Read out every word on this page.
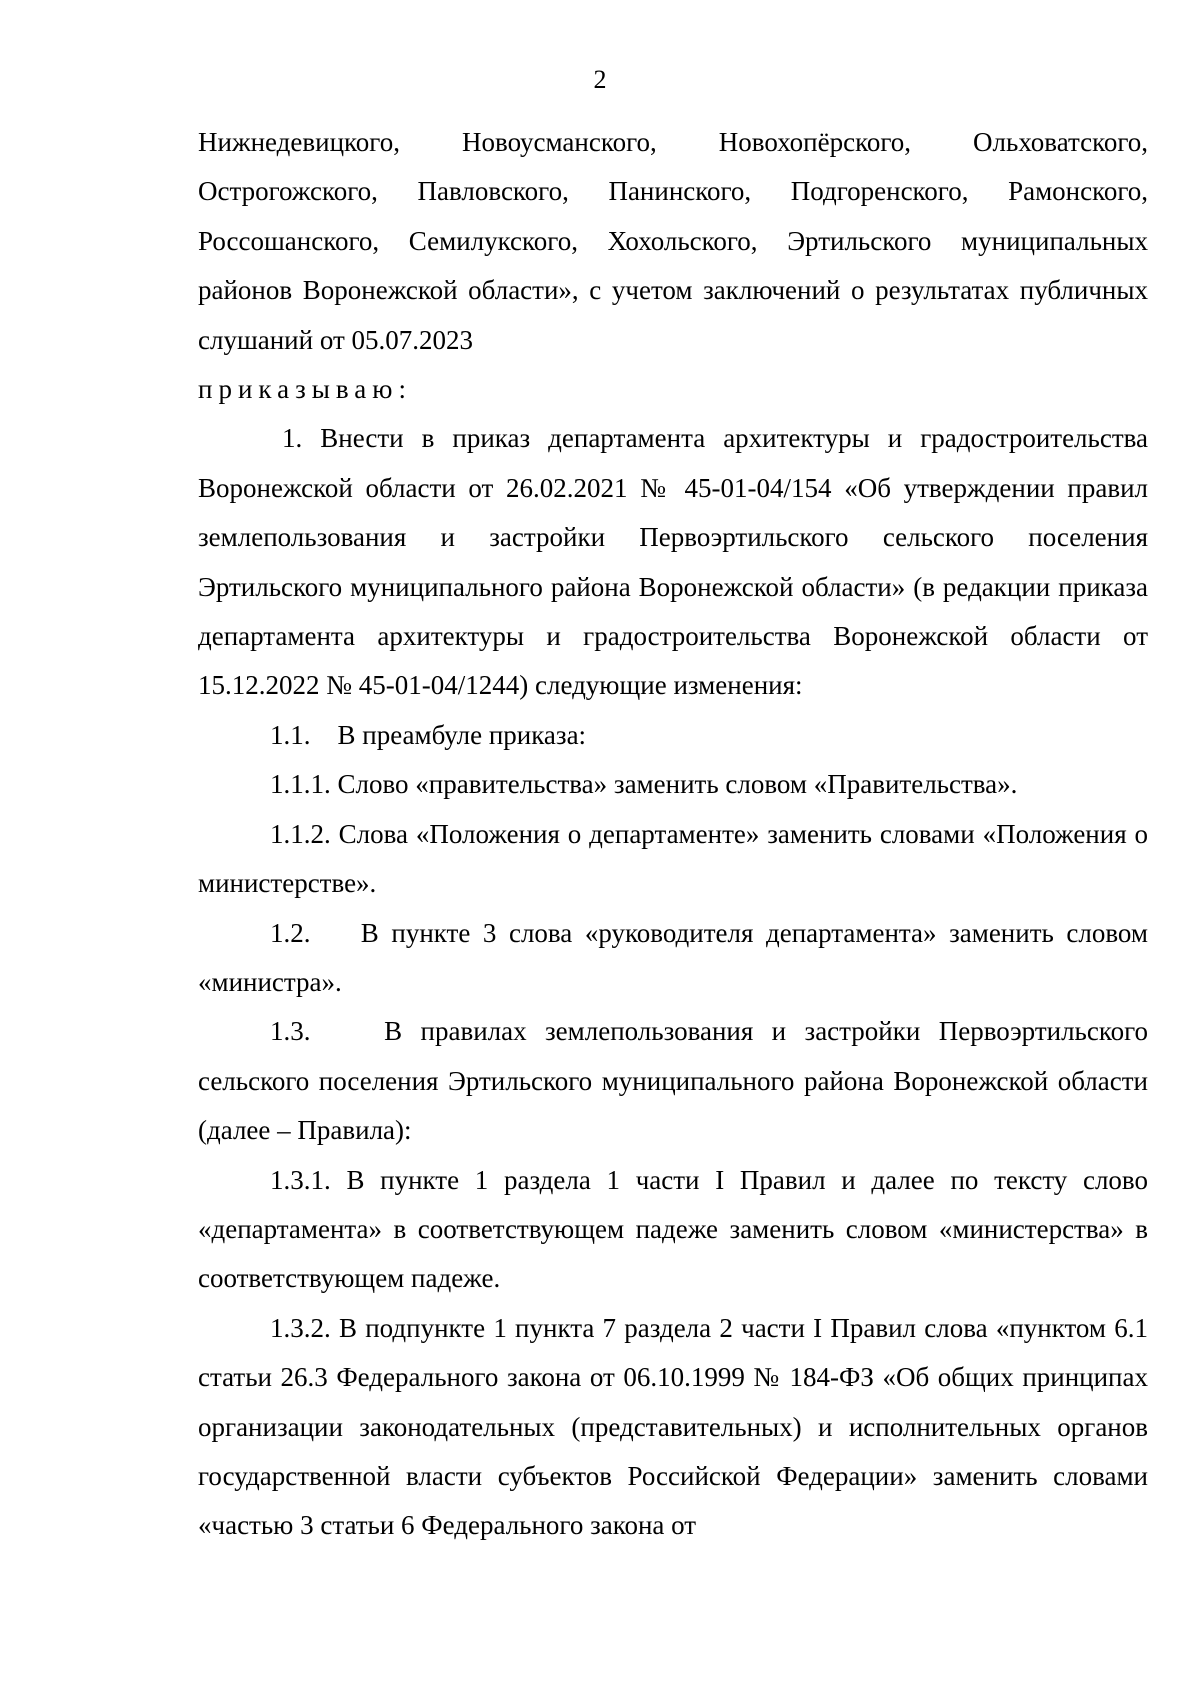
2

Нижнедевицкого, Новоусманского, Новохопёрского, Ольховатского, Острогожского, Павловского, Панинского, Подгоренского, Рамонского, Россошанского, Семилукского, Хохольского, Эртильского муниципальных районов Воронежской области», с учетом заключений о результатах публичных слушаний от 05.07.2023

приказываю:

1. Внести в приказ департамента архитектуры и градостроительства Воронежской области от 26.02.2021 № 45-01-04/154 «Об утверждении правил землепользования и застройки Первоэртильского сельского поселения Эртильского муниципального района Воронежской области» (в редакции приказа департамента архитектуры и градостроительства Воронежской области от 15.12.2022 № 45-01-04/1244) следующие изменения:

1.1.    В преамбуле приказа:

1.1.1. Слово «правительства» заменить словом «Правительства».

1.1.2. Слова «Положения о департаменте» заменить словами «Положения о министерстве».

1.2.    В пункте 3 слова «руководителя департамента» заменить словом «министра».

1.3.    В правилах землепользования и застройки Первоэртильского сельского поселения Эртильского муниципального района Воронежской области (далее – Правила):

1.3.1. В пункте 1 раздела 1 части I Правил и далее по тексту слово «департамента» в соответствующем падеже заменить словом «министерства» в соответствующем падеже.

1.3.2. В подпункте 1 пункта 7 раздела 2 части I Правил слова «пунктом 6.1 статьи 26.3 Федерального закона от 06.10.1999 № 184-ФЗ «Об общих принципах организации законодательных (представительных) и исполнительных органов государственной власти субъектов Российской Федерации» заменить словами «частью 3 статьи 6 Федерального закона от
